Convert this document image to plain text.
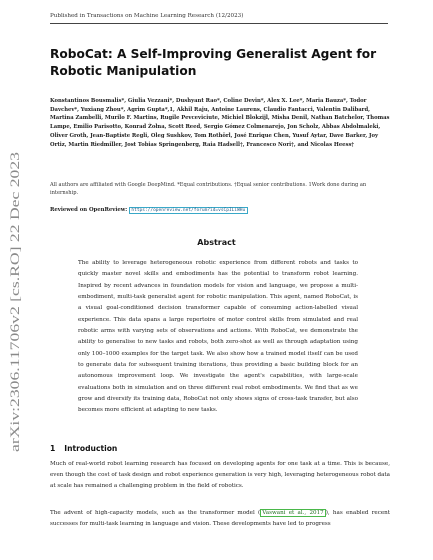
Published in Transactions on Machine Learning Research (12/2023)
arXiv:2306.11706v2 [cs.RO] 22 Dec 2023
RoboCat: A Self-Improving Generalist Agent for Robotic Manipulation
Konstantinos Bousmalis*, Giulia Vezzani*, Dushyant Rao*, Coline Devin*, Alex X. Lee*, Maria Bauza*, Todor Davchev*, Yuxiang Zhou*, Agrim Gupta*,1, Akhil Raju, Antoine Laurens, Claudio Fantacci, Valentin Dalibard, Martina Zambelli, Murilo F. Martins, Rugile Pevceviciute, Michiel Blokzijl, Misha Denil, Nathan Batchelor, Thomas Lampe, Emilio Parisotto, Konrad Żołna, Scott Reed, Sergio Gómez Colmenarejo, Jon Scholz, Abbas Abdolmaleki, Oliver Groth, Jean-Baptiste Regli, Oleg Sushkov, Tom Rothörl, José Enrique Chen, Yusuf Aytar, Dave Barker, Joy Ortiz, Martin Riedmiller, Jost Tobias Springenberg, Raia Hadsell†, Francesco Nori†, and Nicolas Heess†
All authors are affiliated with Google DeepMind. *Equal contributions. †Equal senior contributions. 1Work done during an internship.
Reviewed on OpenReview: https://openreview.net/forum?id=vsCpILiWHu
Abstract
The ability to leverage heterogeneous robotic experience from different robots and tasks to quickly master novel skills and embodiments has the potential to transform robot learning. Inspired by recent advances in foundation models for vision and language, we propose a multi-embodiment, multi-task generalist agent for robotic manipulation. This agent, named RoboCat, is a visual goal-conditioned decision transformer capable of consuming action-labelled visual experience. This data spans a large repertoire of motor control skills from simulated and real robotic arms with varying sets of observations and actions. With RoboCat, we demonstrate the ability to generalise to new tasks and robots, both zero-shot as well as through adaptation using only 100–1000 examples for the target task. We also show how a trained model itself can be used to generate data for subsequent training iterations, thus providing a basic building block for an autonomous improvement loop. We investigate the agent's capabilities, with large-scale evaluations both in simulation and on three different real robot embodiments. We find that as we grow and diversify its training data, RoboCat not only shows signs of cross-task transfer, but also becomes more efficient at adapting to new tasks.
1 Introduction
Much of real-world robot learning research has focused on developing agents for one task at a time. This is because, even though the cost of task design and robot experience generation is very high, leveraging heterogeneous robot data at scale has remained a challenging problem in the field of robotics.
The advent of high-capacity models, such as the transformer model ( Vaswani et al., 2017 ), has enabled recent successes for multi-task learning in language and vision. These developments have led to progress
